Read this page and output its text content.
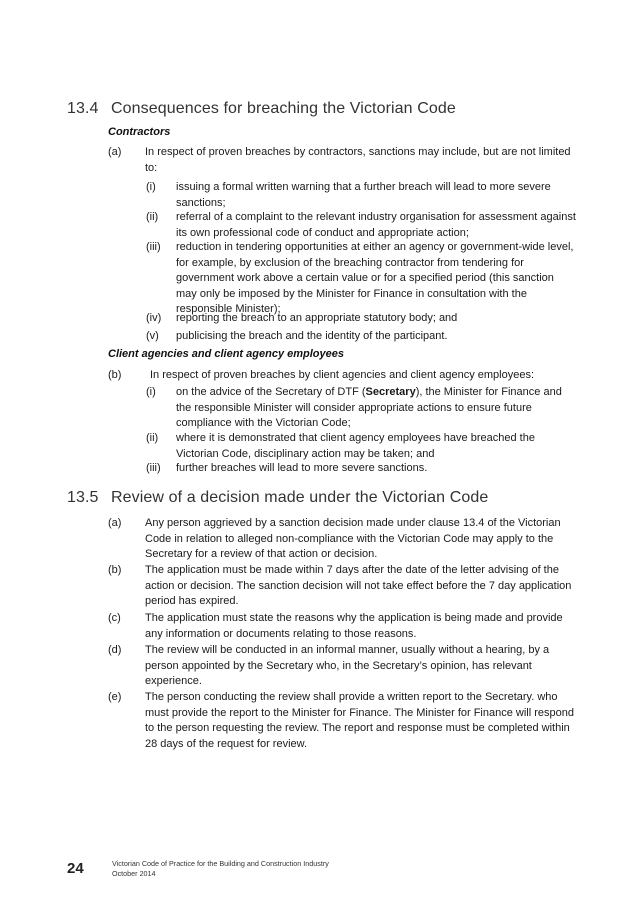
13.4 Consequences for breaching the Victorian Code
Contractors
(a) In respect of proven breaches by contractors, sanctions may include, but are not limited to:
(i) issuing a formal written warning that a further breach will lead to more severe sanctions;
(ii) referral of a complaint to the relevant industry organisation for assessment against its own professional code of conduct and appropriate action;
(iii) reduction in tendering opportunities at either an agency or government-wide level, for example, by exclusion of the breaching contractor from tendering for government work above a certain value or for a specified period (this sanction may only be imposed by the Minister for Finance in consultation with the responsible Minister);
(iv) reporting the breach to an appropriate statutory body; and
(v) publicising the breach and the identity of the participant.
Client agencies and client agency employees
(b)	In respect of proven breaches by client agencies and client agency employees:
(i) on the advice of the Secretary of DTF (Secretary), the Minister for Finance and the responsible Minister will consider appropriate actions to ensure future compliance with the Victorian Code;
(ii) where it is demonstrated that client agency employees have breached the Victorian Code, disciplinary action may be taken; and
(iii) further breaches will lead to more severe sanctions.
13.5 Review of a decision made under the Victorian Code
(a) Any person aggrieved by a sanction decision made under clause 13.4 of the Victorian Code in relation to alleged non-compliance with the Victorian Code may apply to the Secretary for a review of that action or decision.
(b) The application must be made within 7 days after the date of the letter advising of the action or decision. The sanction decision will not take effect before the 7 day application period has expired.
(c) The application must state the reasons why the application is being made and provide any information or documents relating to those reasons.
(d) The review will be conducted in an informal manner, usually without a hearing, by a person appointed by the Secretary who, in the Secretary’s opinion, has relevant experience.
(e) The person conducting the review shall provide a written report to the Secretary. who must provide the report to the Minister for Finance. The Minister for Finance will respond to the person requesting the review. The report and response must be completed within 28 days of the request for review.
24	Victorian Code of Practice for the Building and Construction Industry
October 2014
